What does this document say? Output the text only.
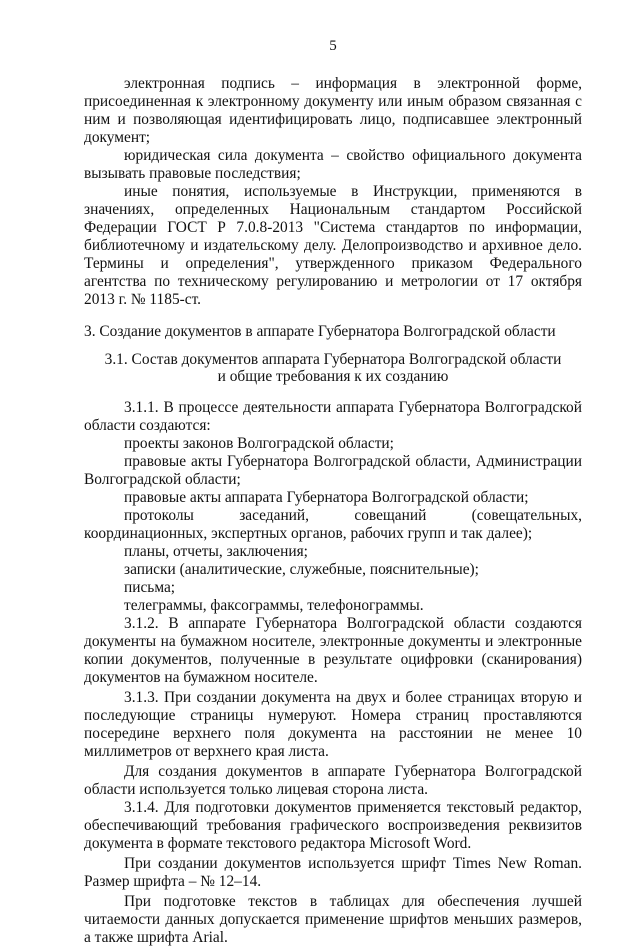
5

электронная подпись – информация в электронной форме, присоединенная к электронному документу или иным образом связанная с ним и позволяющая идентифицировать лицо, подписавшее электронный документ;

юридическая сила документа – свойство официального документа вызывать правовые последствия;

иные понятия, используемые в Инструкции, применяются в значениях, определенных Национальным стандартом Российской Федерации ГОСТ Р 7.0.8-2013 "Система стандартов по информации, библиотечному и издательскому делу. Делопроизводство и архивное дело. Термины и определения", утвержденного приказом Федерального агентства по техническому регулированию и метрологии от 17 октября 2013 г. № 1185-ст.

3. Создание документов в аппарате Губернатора Волгоградской области

3.1. Состав документов аппарата Губернатора Волгоградской области
и общие требования к их созданию

3.1.1. В процессе деятельности аппарата Губернатора Волгоградской области создаются:

проекты законов Волгоградской области;

правовые акты Губернатора Волгоградской области, Администрации Волгоградской области;

правовые акты аппарата Губернатора Волгоградской области;

протоколы заседаний, совещаний (совещательных, координационных, экспертных органов, рабочих групп и так далее);

планы, отчеты, заключения;

записки (аналитические, служебные, пояснительные);

письма;

телеграммы, факсограммы, телефонограммы.

3.1.2. В аппарате Губернатора Волгоградской области создаются документы на бумажном носителе, электронные документы и электронные копии документов, полученные в результате оцифровки (сканирования) документов на бумажном носителе.

3.1.3. При создании документа на двух и более страницах вторую и последующие страницы нумеруют. Номера страниц проставляются посередине верхнего поля документа на расстоянии не менее 10 миллиметров от верхнего края листа.

Для создания документов в аппарате Губернатора Волгоградской области используется только лицевая сторона листа.

3.1.4. Для подготовки документов применяется текстовый редактор, обеспечивающий требования графического воспроизведения реквизитов документа в формате текстового редактора Microsoft Word.

При создании документов используется шрифт Times New Roman. Размер шрифта – № 12–14.

При подготовке текстов в таблицах для обеспечения лучшей читаемости данных допускается применение шрифтов меньших размеров, а также шрифта Arial.
